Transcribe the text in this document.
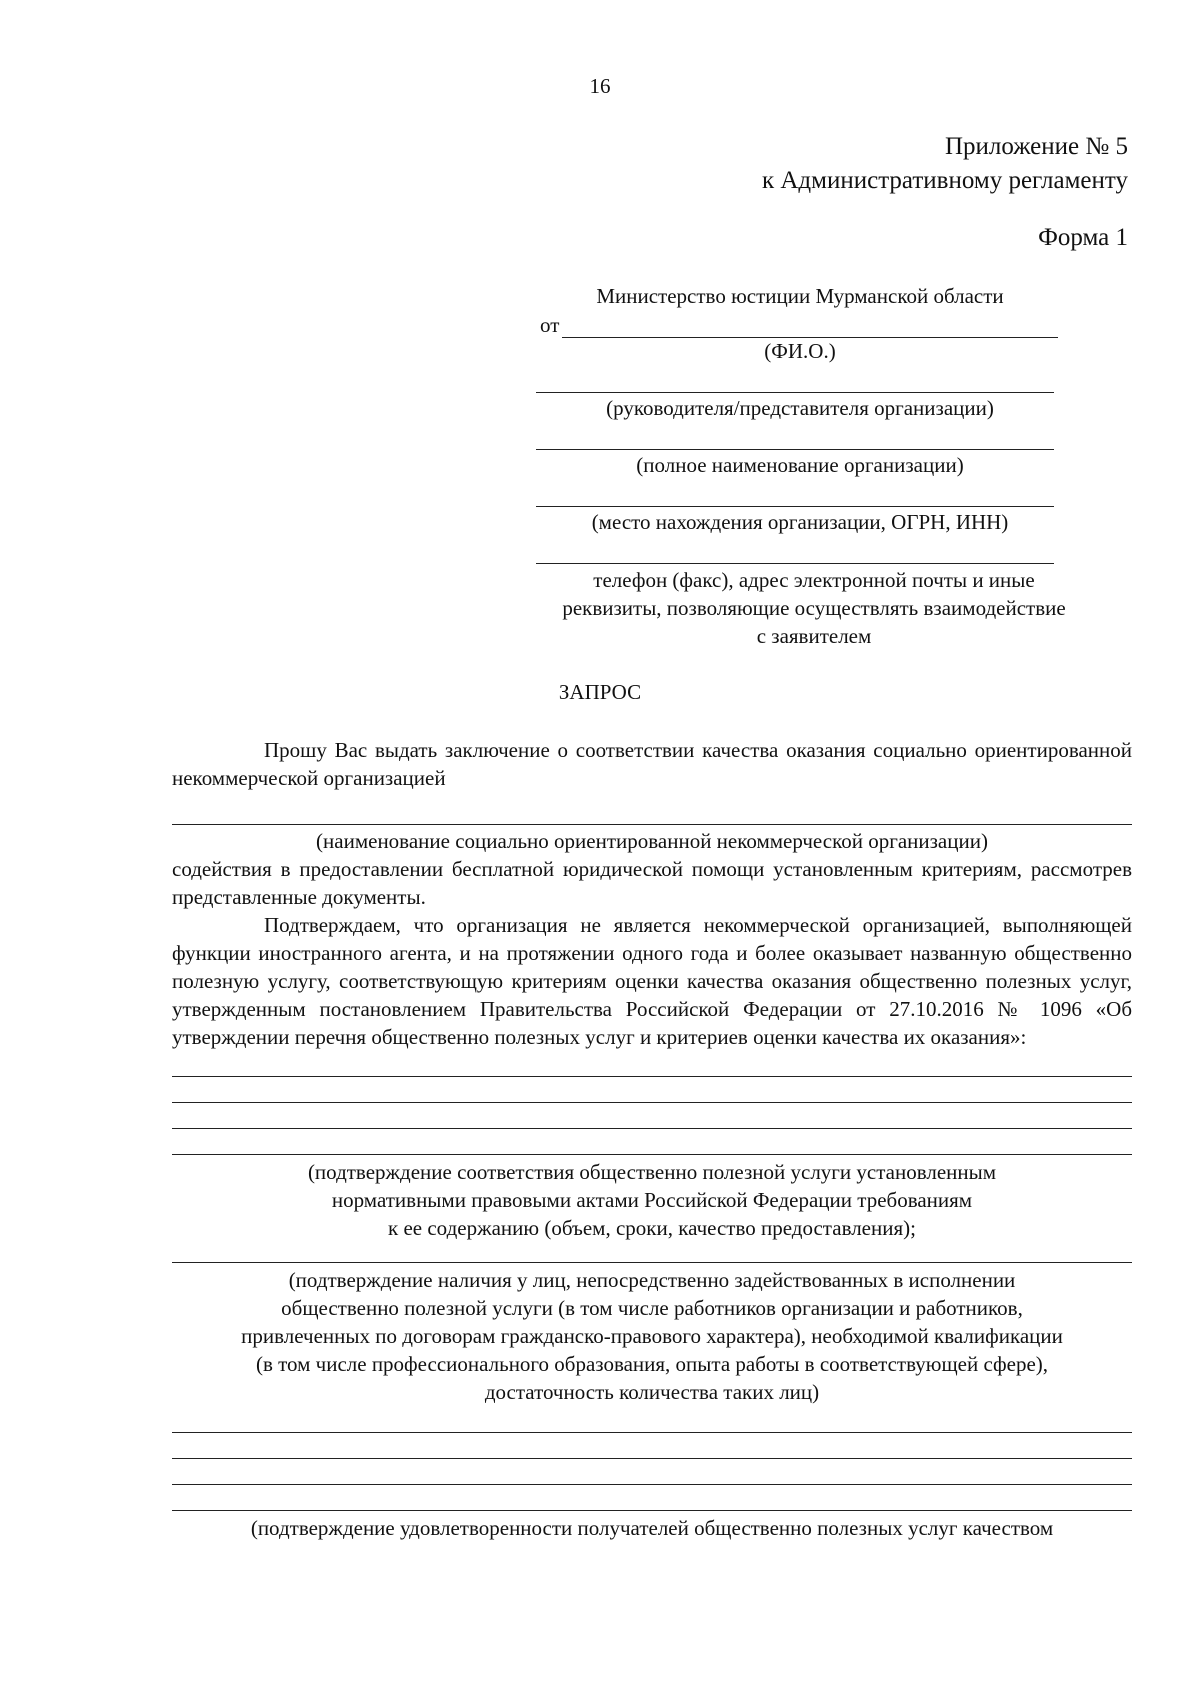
16
Приложение № 5
к Административному регламенту
Форма 1
Министерство юстиции Мурманской области
от
(ФИ.О.)
(руководителя/представителя организации)
(полное наименование организации)
(место нахождения организации, ОГРН, ИНН)
телефон (факс), адрес электронной почты и иные
реквизиты, позволяющие осуществлять взаимодействие
с заявителем
ЗАПРОС

Прошу Вас выдать заключение о соответствии качества оказания социально ориентированной некоммерческой организацией

(наименование социально ориентированной некоммерческой организации)

содействия в предоставлении бесплатной юридической помощи установленным критериям, рассмотрев представленные документы.

Подтверждаем, что организация не является некоммерческой организацией, выполняющей функции иностранного агента, и на протяжении одного года и более оказывает названную общественно полезную услугу, соответствующую критериям оценки качества оказания общественно полезных услуг, утвержденным постановлением Правительства Российской Федерации от 27.10.2016 № 1096 «Об утверждении перечня общественно полезных услуг и критериев оценки качества их оказания»:

(подтверждение соответствия общественно полезной услуги установленным

нормативными правовыми актами Российской Федерации требованиям

к ее содержанию (объем, сроки, качество предоставления);

(подтверждение наличия у лиц, непосредственно задействованных в исполнении

общественно полезной услуги (в том числе работников организации и работников,

привлеченных по договорам гражданско-правового характера), необходимой квалификации

(в том числе профессионального образования, опыта работы в соответствующей сфере),

достаточность количества таких лиц)

(подтверждение удовлетворенности получателей общественно полезных услуг качеством
